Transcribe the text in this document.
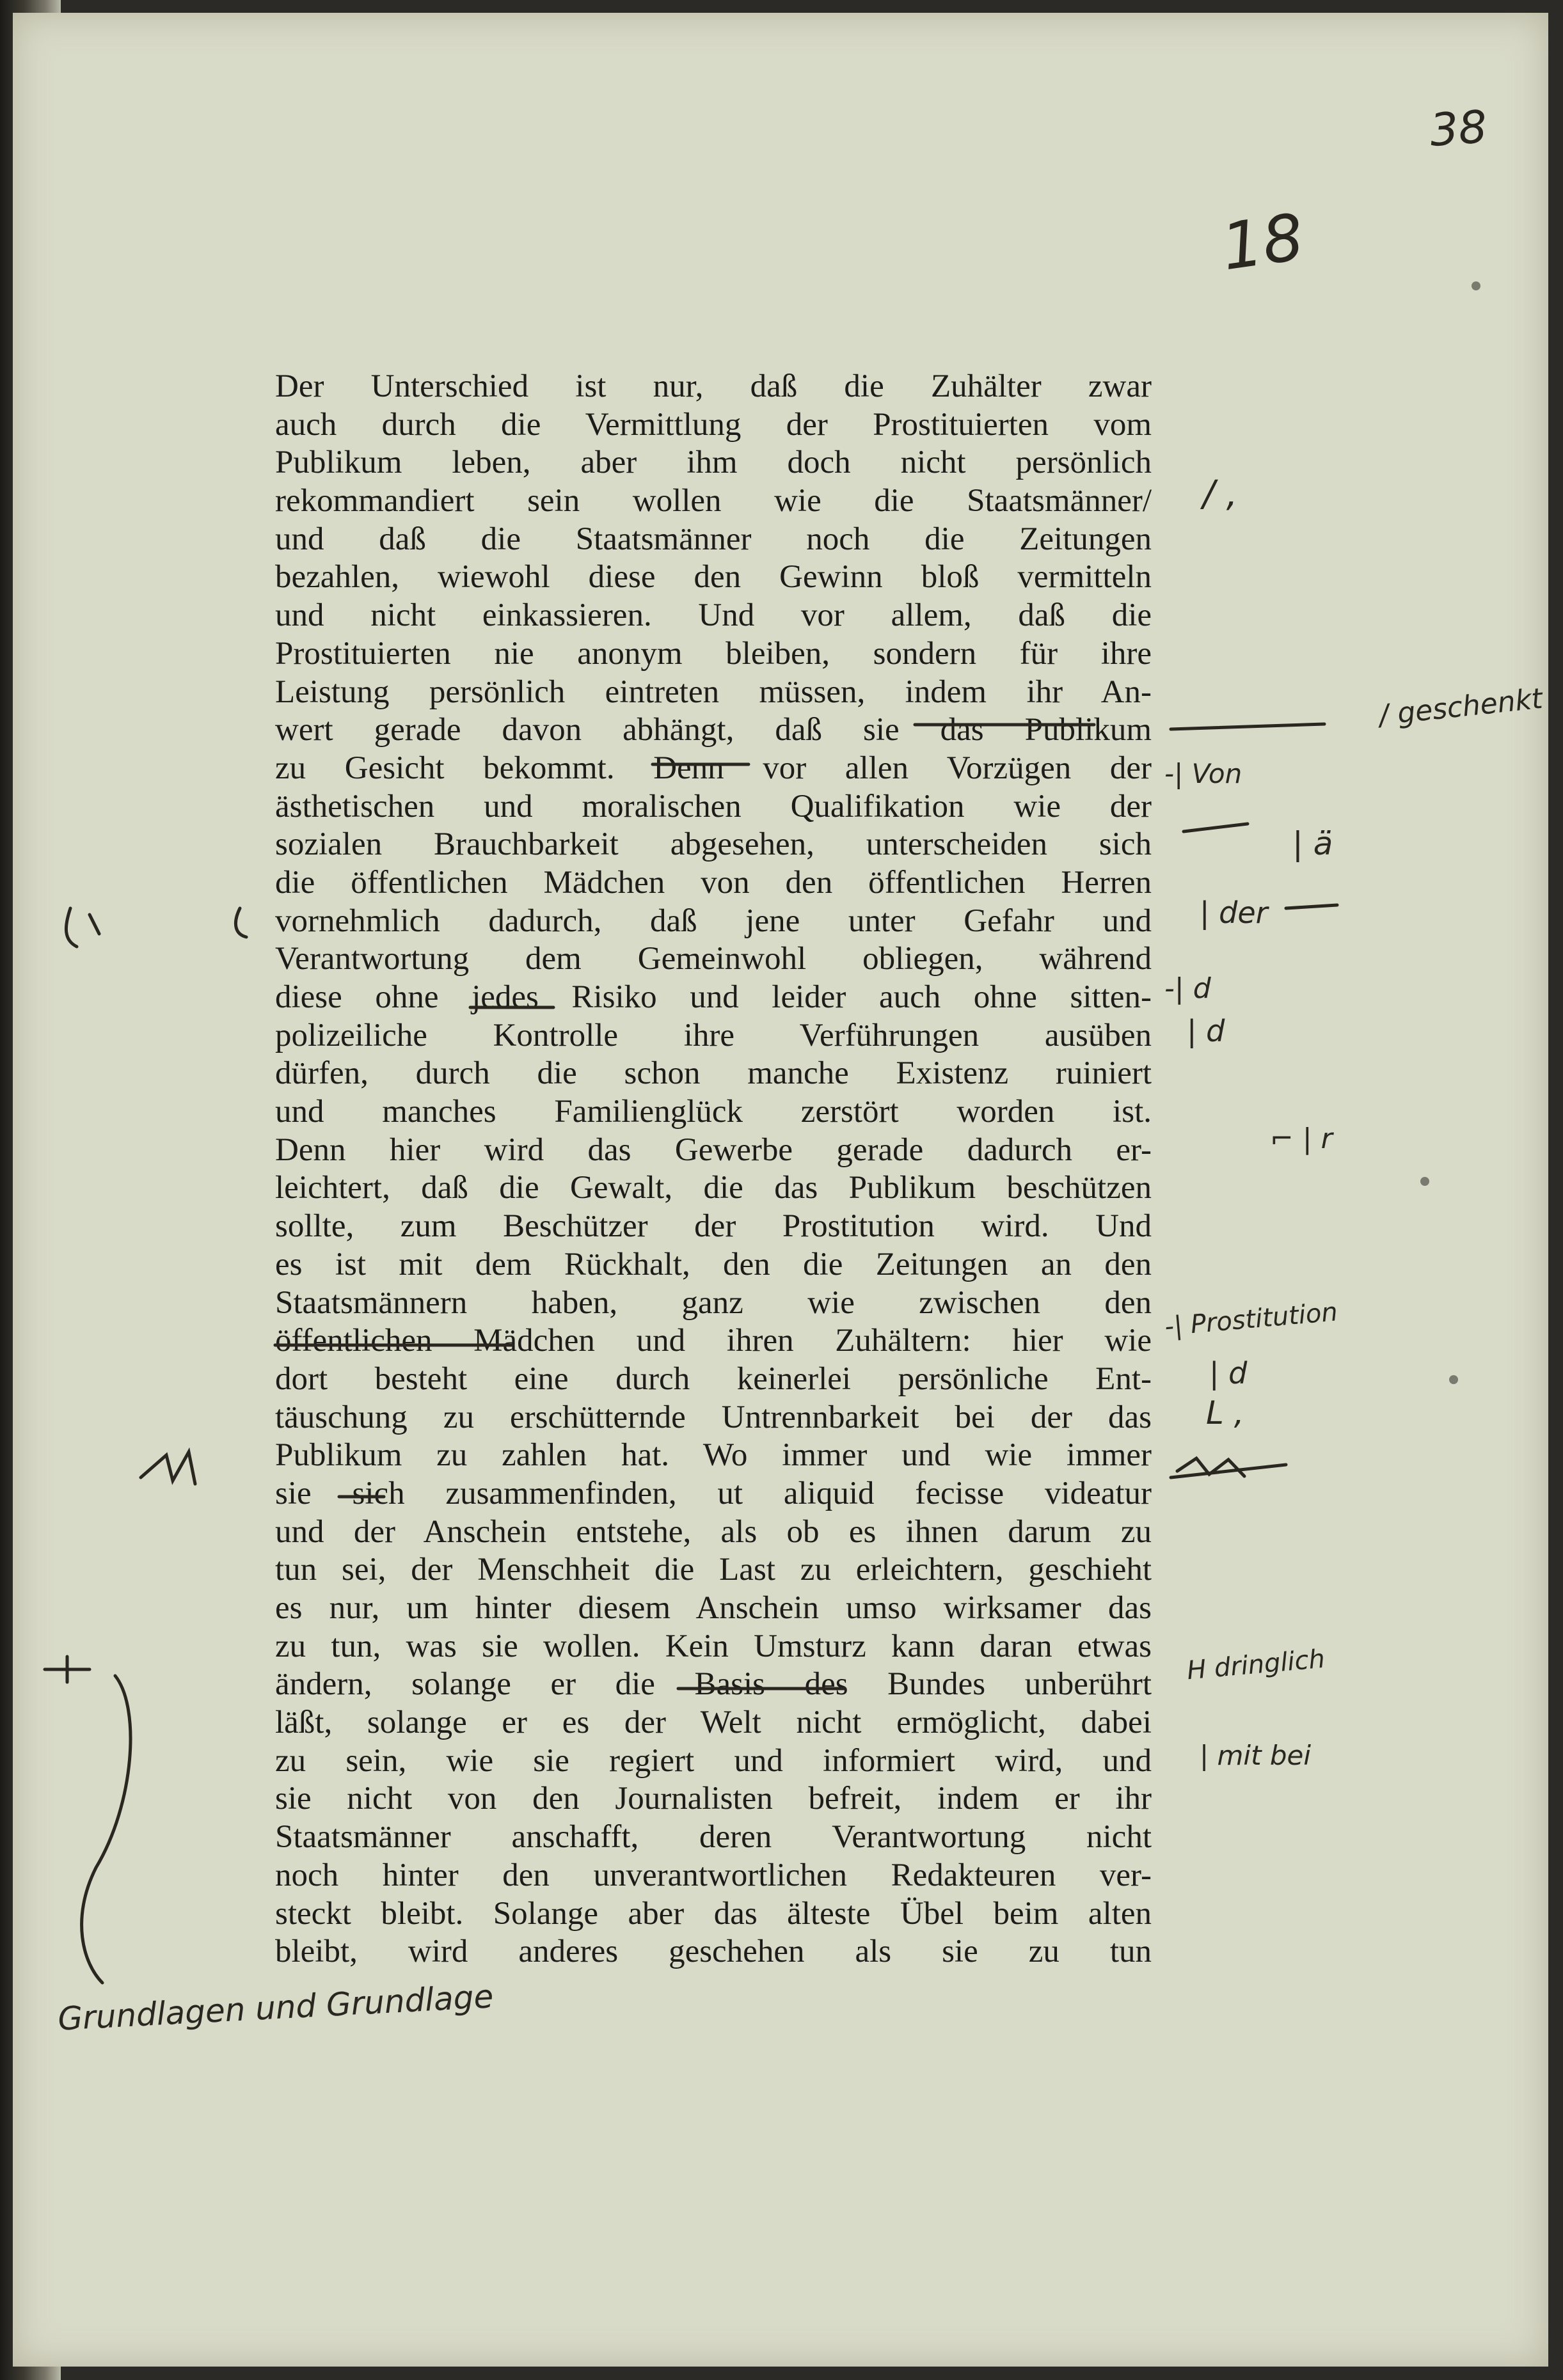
38
18
Der Unterschied ist nur, daß die Zuhälter zwar
auch durch die Vermittlung der Prostituierten vom
Publikum leben, aber ihm doch nicht persönlich
rekommandiert sein wollen wie die Staatsmänner/
und daß die Staatsmänner noch die Zeitungen
bezahlen, wiewohl diese den Gewinn bloß vermitteln
und nicht einkassieren. Und vor allem, daß die
Prostituierten nie anonym bleiben, sondern für ihre
Leistung persönlich eintreten müssen, indem ihr An-
wert gerade davon abhängt, daß sie das Publikum
zu Gesicht bekommt. Denn vor allen Vorzügen der
ästhetischen und moralischen Qualifikation wie der
sozialen Brauchbarkeit abgesehen, unterscheiden sich
die öffentlichen Mädchen von den öffentlichen Herren
vornehmlich dadurch, daß jene unter Gefahr und
Verantwortung dem Gemeinwohl obliegen, während
diese ohne jedes Risiko und leider auch ohne sitten-
polizeiliche Kontrolle ihre Verführungen ausüben
dürfen, durch die schon manche Existenz ruiniert
und manches Familienglück zerstört worden ist.
Denn hier wird das Gewerbe gerade dadurch er-
leichtert, daß die Gewalt, die das Publikum beschützen
sollte, zum Beschützer der Prostitution wird. Und
es ist mit dem Rückhalt, den die Zeitungen an den
Staatsmännern haben, ganz wie zwischen den
öffentlichen Mädchen und ihren Zuhältern: hier wie
dort besteht eine durch keinerlei persönliche Ent-
täuschung zu erschütternde Untrennbarkeit bei der das
Publikum zu zahlen hat. Wo immer und wie immer
sie sich zusammenfinden, ut aliquid fecisse videatur
und der Anschein entstehe, als ob es ihnen darum zu
tun sei, der Menschheit die Last zu erleichtern, geschieht
es nur, um hinter diesem Anschein umso wirksamer das
zu tun, was sie wollen. Kein Umsturz kann daran etwas
ändern, solange er die Basis des Bundes unberührt
läßt, solange er es der Welt nicht ermöglicht, dabei
zu sein, wie sie regiert und informiert wird, und
sie nicht von den Journalisten befreit, indem er ihr
Staatsmänner anschafft, deren Verantwortung nicht
noch hinter den unverantwortlichen Redakteuren ver-
steckt bleibt. Solange aber das älteste Übel beim alten
bleibt, wird anderes geschehen als sie zu tun
/ ,
/ geschenkt
-| Von
| ä
| der
-| d
| d
⌐ | r
-| Prostitution
| d
L ,
H dringlich
| mit bei
Grundlagen und Grundlage
